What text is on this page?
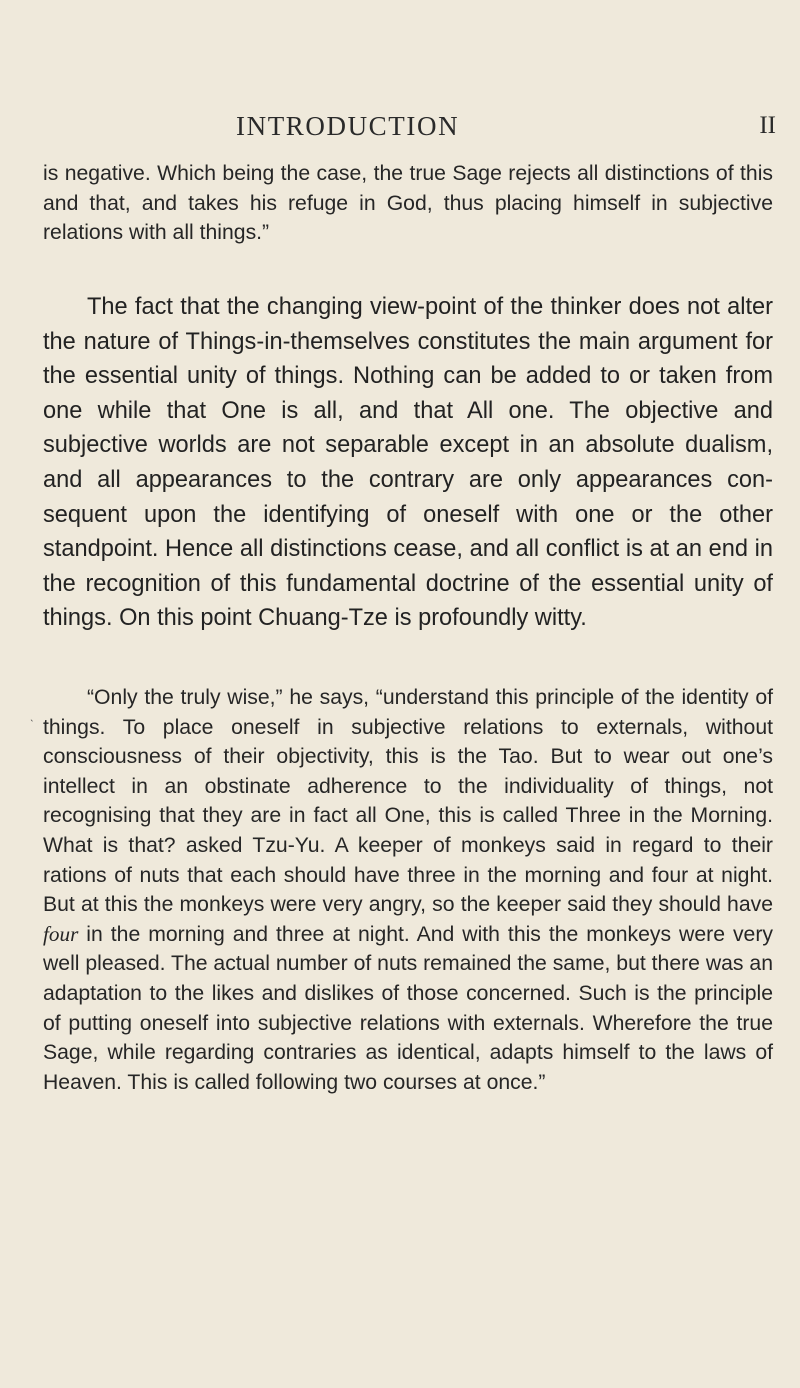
INTRODUCTION	II

is negative. Which being the case, the true Sage rejects all distinctions of this and that, and takes his refuge in God, thus placing himself in subjective relations with all things.”

The fact that the changing view-point of the thinker does not alter the nature of Things-in-themselves constitutes the main argument for the essential unity of things. Nothing can be added to or taken from one while that One is all, and that All one. The objective and subjective worlds are not separable except in an absolute dualism, and all appearances to the contrary are only appearances consequent upon the identifying of oneself with one or the other standpoint. Hence all distinctions cease, and all conflict is at an end in the recognition of this fundamental doctrine of the essential unity of things. On this point Chuang-Tze is profoundly witty.

ˎ

“Only the truly wise,” he says, “understand this principle of the identity of things. To place oneself in subjective relations to externals, without consciousness of their objectivity, this is the Tao. But to wear out one’s intellect in an obstinate adherence to the individuality of things, not recognising that they are in fact all One, this is called Three in the Morning. What is that? asked Tzu-Yu. A keeper of monkeys said in regard to their rations of nuts that each should have three in the morning and four at night. But at this the monkeys were very angry, so the keeper said they should have four in the morning and three at night. And with this the monkeys were very well pleased. The actual number of nuts remained the same, but there was an adaptation to the likes and dislikes of those concerned. Such is the principle of putting oneself into subjective relations with externals. Wherefore the true Sage, while regarding contraries as identical, adapts himself to the laws of Heaven. This is called following two courses at once.”
